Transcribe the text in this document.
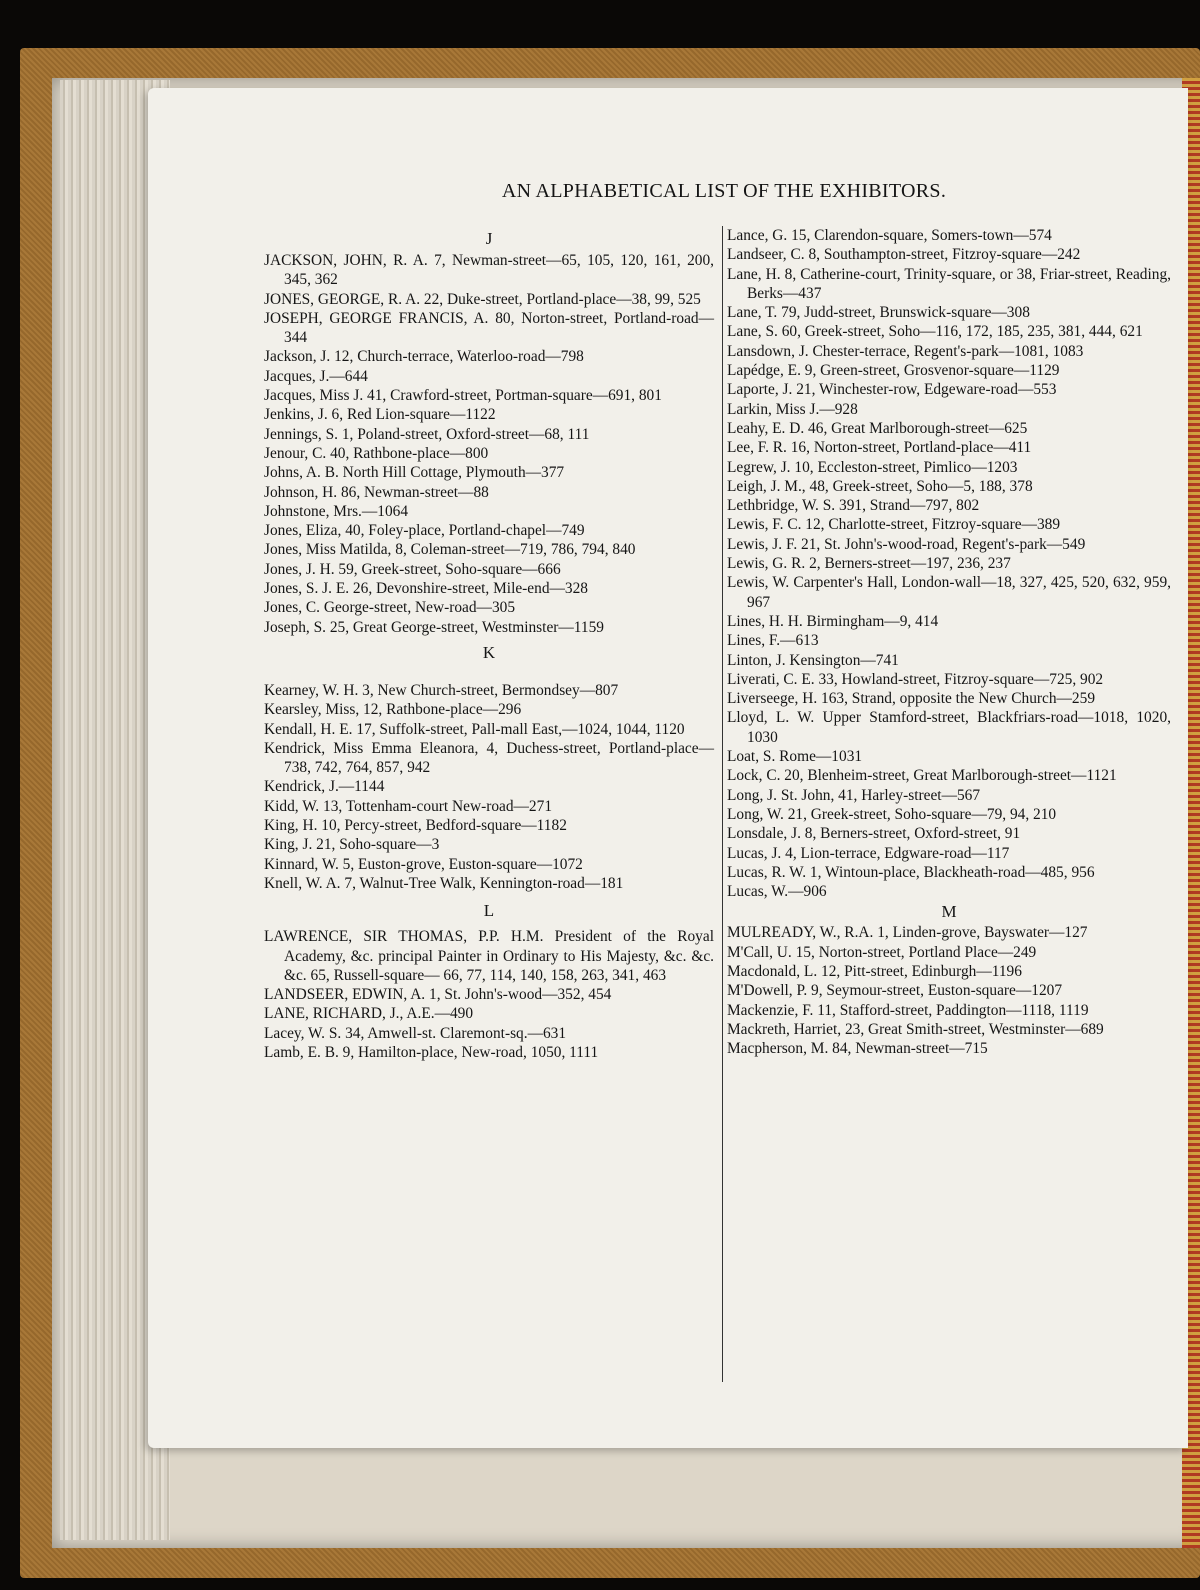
AN ALPHABETICAL LIST OF THE EXHIBITORS.
J

JACKSON, JOHN, R. A. 7, Newman-street—65, 105, 120, 161, 200, 345, 362

JONES, GEORGE, R. A. 22, Duke-street, Portland-place—38, 99, 525

JOSEPH, GEORGE FRANCIS, A. 80, Norton-street, Portland-road—344

Jackson, J. 12, Church-terrace, Waterloo-road—798

Jacques, J.—644

Jacques, Miss J. 41, Crawford-street, Portman-square—691, 801

Jenkins, J. 6, Red Lion-square—1122

Jennings, S. 1, Poland-street, Oxford-street—68, 111

Jenour, C. 40, Rathbone-place—800

Johns, A. B. North Hill Cottage, Plymouth—377

Johnson, H. 86, Newman-street—88

Johnstone, Mrs.—1064

Jones, Eliza, 40, Foley-place, Portland-chapel—749

Jones, Miss Matilda, 8, Coleman-street—719, 786, 794, 840

Jones, J. H. 59, Greek-street, Soho-square—666

Jones, S. J. E. 26, Devonshire-street, Mile-end—328

Jones, C. George-street, New-road—305

Joseph, S. 25, Great George-street, Westminster—1159

K

Kearney, W. H. 3, New Church-street, Bermondsey—807

Kearsley, Miss, 12, Rathbone-place—296

Kendall, H. E. 17, Suffolk-street, Pall-mall East,—1024, 1044, 1120

Kendrick, Miss Emma Eleanora, 4, Duchess-street, Portland-place—738, 742, 764, 857, 942

Kendrick, J.—1144

Kidd, W. 13, Tottenham-court New-road—271

King, H. 10, Percy-street, Bedford-square—1182

King, J. 21, Soho-square—3

Kinnard, W. 5, Euston-grove, Euston-square—1072

Knell, W. A. 7, Walnut-Tree Walk, Kennington-road—181

L

LAWRENCE, SIR THOMAS, P.P. H.M. President of the Royal Academy, &c. principal Painter in Ordinary to His Majesty, &c. &c. &c. 65, Russell-square— 66, 77, 114, 140, 158, 263, 341, 463

LANDSEER, EDWIN, A. 1, St. John's-wood—352, 454

LANE, RICHARD, J., A.E.—490

Lacey, W. S. 34, Amwell-st. Claremont-sq.—631

Lamb, E. B. 9, Hamilton-place, New-road, 1050, 1111

Lance, G. 15, Clarendon-square, Somers-town—574

Landseer, C. 8, Southampton-street, Fitzroy-square—242

Lane, H. 8, Catherine-court, Trinity-square, or 38, Friar-street, Reading, Berks—437

Lane, T. 79, Judd-street, Brunswick-square—308

Lane, S. 60, Greek-street, Soho—116, 172, 185, 235, 381, 444, 621

Lansdown, J. Chester-terrace, Regent's-park—1081, 1083

Lapédge, E. 9, Green-street, Grosvenor-square—1129

Laporte, J. 21, Winchester-row, Edgeware-road—553

Larkin, Miss J.—928

Leahy, E. D. 46, Great Marlborough-street—625

Lee, F. R. 16, Norton-street, Portland-place—411

Legrew, J. 10, Eccleston-street, Pimlico—1203

Leigh, J. M., 48, Greek-street, Soho—5, 188, 378

Lethbridge, W. S. 391, Strand—797, 802

Lewis, F. C. 12, Charlotte-street, Fitzroy-square—389

Lewis, J. F. 21, St. John's-wood-road, Regent's-park—549

Lewis, G. R. 2, Berners-street—197, 236, 237

Lewis, W. Carpenter's Hall, London-wall—18, 327, 425, 520, 632, 959, 967

Lines, H. H. Birmingham—9, 414

Lines, F.—613

Linton, J. Kensington—741

Liverati, C. E. 33, Howland-street, Fitzroy-square—725, 902

Liverseege, H. 163, Strand, opposite the New Church—259

Lloyd, L. W. Upper Stamford-street, Blackfriars-road—1018, 1020, 1030

Loat, S. Rome—1031

Lock, C. 20, Blenheim-street, Great Marlborough-street—1121

Long, J. St. John, 41, Harley-street—567

Long, W. 21, Greek-street, Soho-square—79, 94, 210

Lonsdale, J. 8, Berners-street, Oxford-street, 91

Lucas, J. 4, Lion-terrace, Edgware-road—117

Lucas, R. W. 1, Wintoun-place, Blackheath-road—485, 956

Lucas, W.—906

M

MULREADY, W., R.A. 1, Linden-grove, Bayswater—127

M'Call, U. 15, Norton-street, Portland Place—249

Macdonald, L. 12, Pitt-street, Edinburgh—1196

M'Dowell, P. 9, Seymour-street, Euston-square—1207

Mackenzie, F. 11, Stafford-street, Paddington—1118, 1119

Mackreth, Harriet, 23, Great Smith-street, Westminster—689

Macpherson, M. 84, Newman-street—715
